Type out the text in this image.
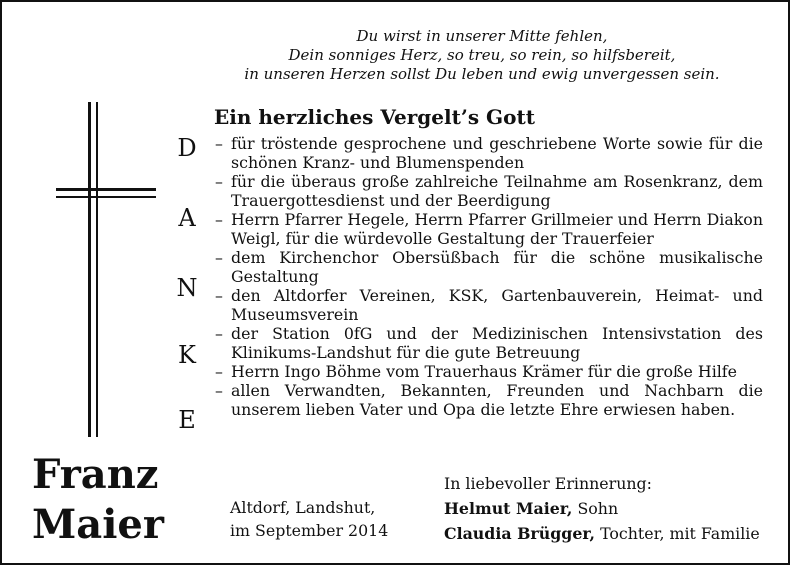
Du wirst in unserer Mitte fehlen,
Dein sonniges Herz, so treu, so rein, so hilfsbereit,
in unseren Herzen sollst Du leben und ewig unvergessen sein.
Ein herzliches Vergelt’s Gott
D
A
N
K
E
– für tröstende gesprochene und geschriebene Worte sowie für die schönen Kranz- und Blumenspenden
– für die überaus große zahlreiche Teilnahme am Rosenkranz, dem Trauergottesdienst und der Beerdigung
– Herrn Pfarrer Hegele, Herrn Pfarrer Grillmeier und Herrn Diakon Weigl, für die würdevolle Gestaltung der Trauerfeier
– dem Kirchenchor Obersüßbach für die schöne musikalische Gestaltung
– den Altdorfer Vereinen, KSK, Gartenbauverein, Heimat- und Museumsverein
– der Station 0fG und der Medizinischen Intensivstation des Klinikums-Landshut für die gute Betreuung
– Herrn Ingo Böhme vom Trauerhaus Krämer für die große Hilfe
– allen Verwandten, Bekannten, Freunden und Nachbarn die unserem lieben Vater und Opa die letzte Ehre erwiesen haben.
Franz
Maier	Altdorf, Landshut,
im September 2014
In liebevoller Erinnerung:
Helmut Maier, Sohn
Claudia Brügger, Tochter, mit Familie
